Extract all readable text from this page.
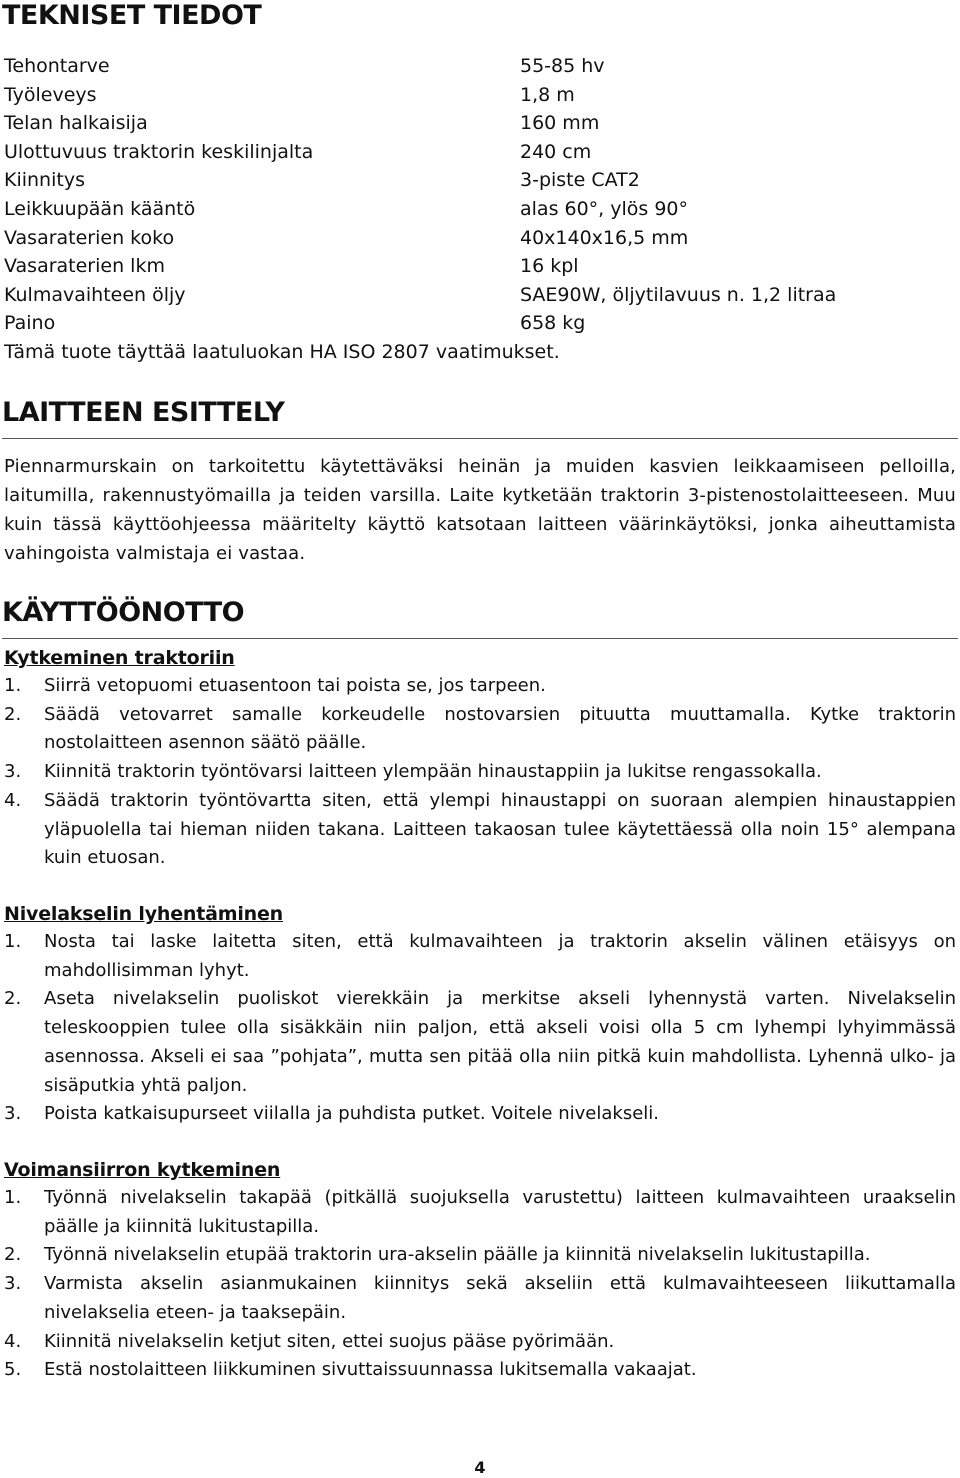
TEKNISET TIEDOT
Tehontarve	55-85 hv
Työleveys	1,8 m
Telan halkaisija	160 mm
Ulottuvuus traktorin keskilinjalta	240 cm
Kiinnitys	3-piste CAT2
Leikkuupään kääntö	alas 60°, ylös 90°
Vasaraterien koko	40x140x16,5 mm
Vasaraterien lkm	16 kpl
Kulmavaihteen öljy	SAE90W, öljytilavuus n. 1,2 litraa
Paino	658 kg
Tämä tuote täyttää laatuluokan HA ISO 2807 vaatimukset.
LAITTEEN ESITTELY
Piennarmurskain on tarkoitettu käytettäväksi heinän ja muiden kasvien leikkaamiseen pelloilla, laitumilla, rakennustyömailla ja teiden varsilla. Laite kytketään traktorin 3-pistenostolaitteeseen. Muu kuin tässä käyttöohjeessa määritelty käyttö katsotaan laitteen väärinkäytöksi, jonka aiheuttamista vahingoista valmistaja ei vastaa.
KÄYTTÖÖNOTTO
Kytkeminen traktoriin
1.	Siirrä vetopuomi etuasentoon tai poista se, jos tarpeen.
2.	Säädä vetovarret samalle korkeudelle nostovarsien pituutta muuttamalla. Kytke traktorin nostolaitteen asennon säätö päälle.
3.	Kiinnitä traktorin työntövarsi laitteen ylempään hinaustappiin ja lukitse rengassokalla.
4.	Säädä traktorin työntövartta siten, että ylempi hinaustappi on suoraan alempien hinaustappien yläpuolella tai hieman niiden takana. Laitteen takaosan tulee käytettäessä olla noin 15° alempana kuin etuosan.
Nivelakselin lyhentäminen
1.	Nosta tai laske laitetta siten, että kulmavaihteen ja traktorin akselin välinen etäisyys on mahdollisimman lyhyt.
2.	Aseta nivelakselin puoliskot vierekkäin ja merkitse akseli lyhennystä varten. Nivelakselin teleskooppien tulee olla sisäkkäin niin paljon, että akseli voisi olla 5 cm lyhempi lyhyimmässä asennossa. Akseli ei saa ”pohjata”, mutta sen pitää olla niin pitkä kuin mahdollista. Lyhennä ulko- ja sisäputkia yhtä paljon.
3.	Poista katkaisupurseet viilalla ja puhdista putket. Voitele nivelakseli.
Voimansiirron kytkeminen
1.	Työnnä nivelakselin takapää (pitkällä suojuksella varustettu) laitteen kulmavaihteen uraakselin päälle ja kiinnitä lukitustapilla.
2.	Työnnä nivelakselin etupää traktorin ura-akselin päälle ja kiinnitä nivelakselin lukitustapilla.
3.	Varmista akselin asianmukainen kiinnitys sekä akseliin että kulmavaihteeseen liikuttamalla nivelakselia eteen- ja taaksepäin.
4.	Kiinnitä nivelakselin ketjut siten, ettei suojus pääse pyörimään.
5.	Estä nostolaitteen liikkuminen sivuttaissuunnassa lukitsemalla vakaajat.
4
